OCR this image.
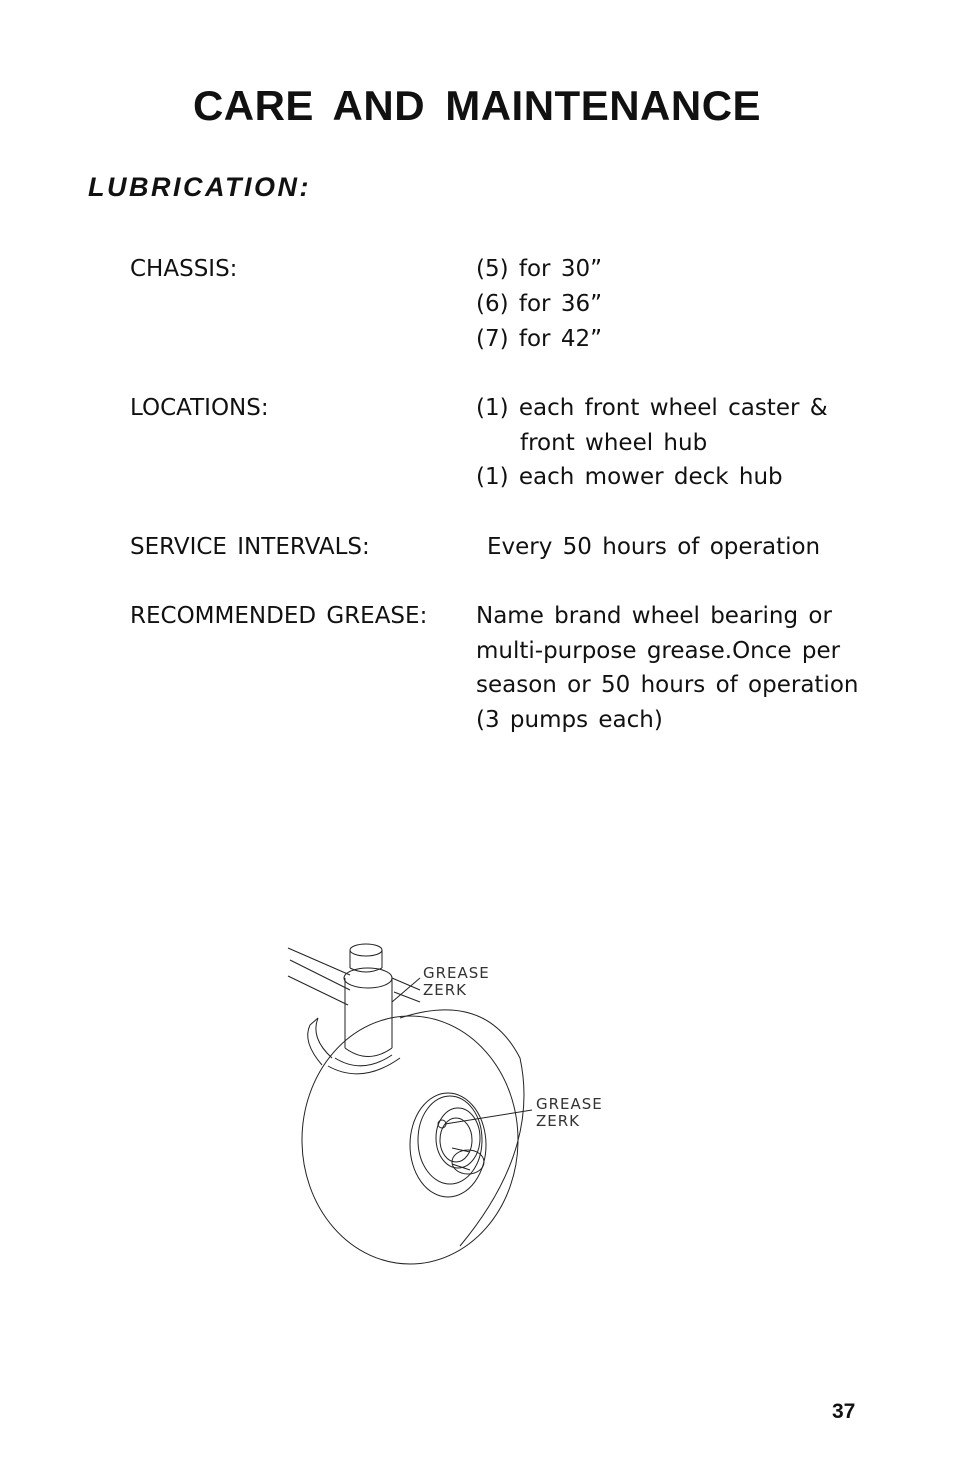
CARE AND MAINTENANCE
LUBRICATION:
CHASSIS:	(5) for 30”
(6) for 36”
(7) for 42”
LOCATIONS:	(1) each front wheel caster &
front wheel hub
(1) each mower deck hub
SERVICE INTERVALS:	Every 50 hours of operation
RECOMMENDED GREASE: Name brand wheel bearing or
multi-purpose grease.Once per
season or 50 hours of operation
(3 pumps each)
GREASE
ZERK
GREASE
ZERK
37
